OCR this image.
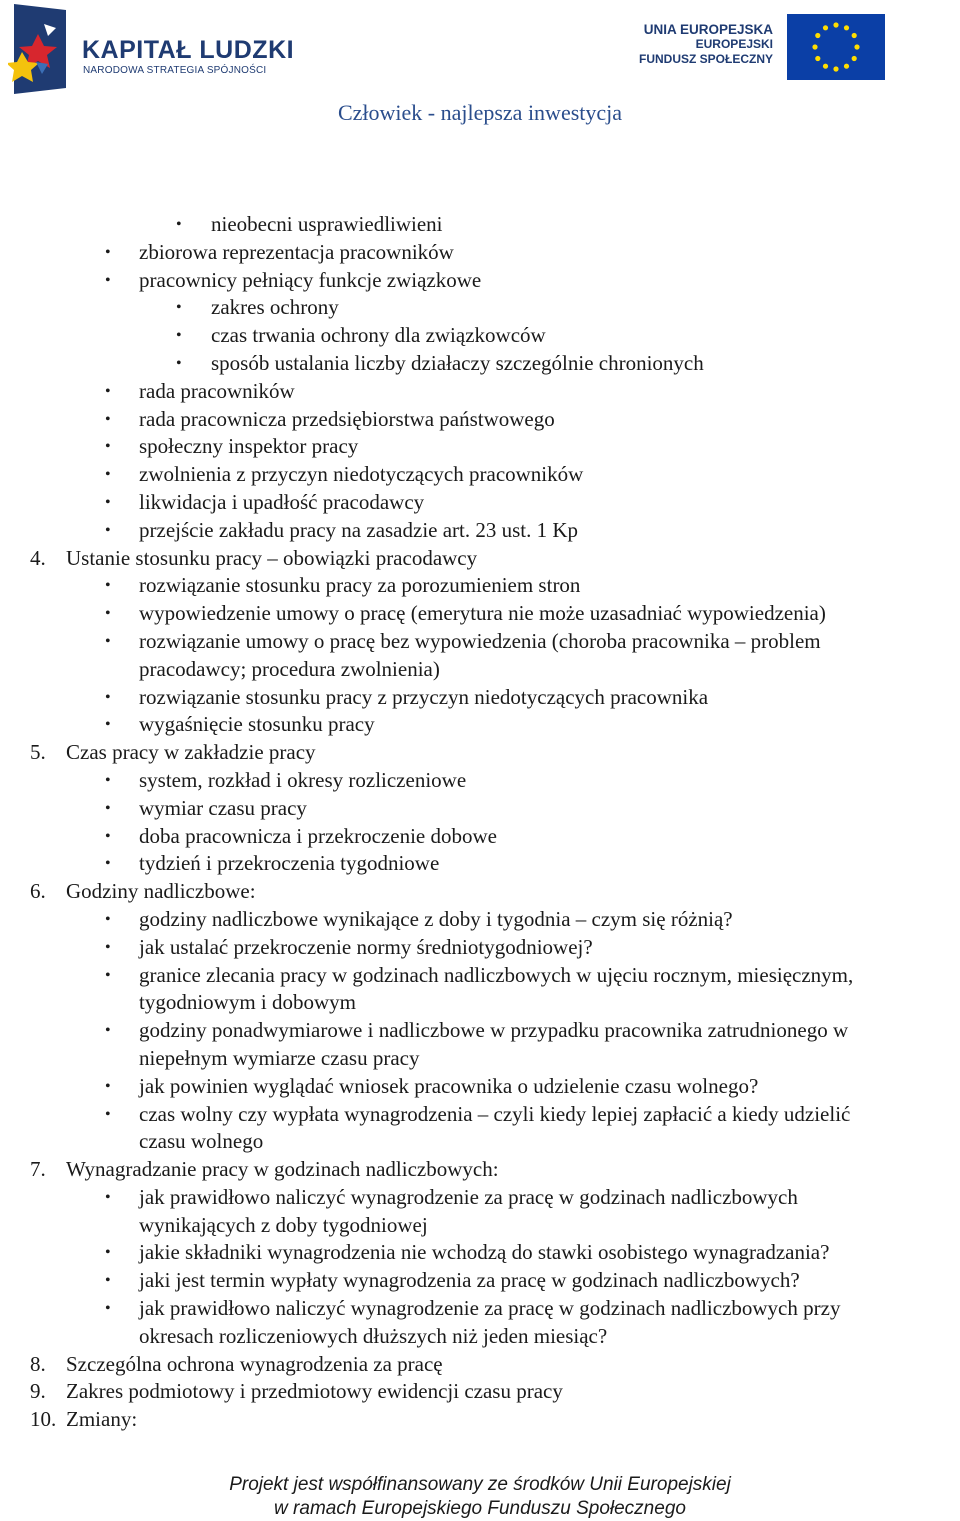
KAPITAŁ LUDZKI
NARODOWA STRATEGIA SPÓJNOŚCI
UNIA EUROPEJSKA
EUROPEJSKI
FUNDUSZ SPOŁECZNY
Człowiek - najlepsza inwestycja
• nieobecni usprawiedliwieni
• zbiorowa reprezentacja pracowników
• pracownicy pełniący funkcje związkowe
• zakres ochrony
• czas trwania ochrony dla związkowców
• sposób ustalania liczby działaczy szczególnie chronionych
• rada pracowników
• rada pracownicza przedsiębiorstwa państwowego
• społeczny inspektor pracy
• zwolnienia z przyczyn niedotyczących pracowników
• likwidacja i upadłość pracodawcy
• przejście zakładu pracy na zasadzie art. 23 ust. 1 Kp
4. Ustanie stosunku pracy – obowiązki pracodawcy
• rozwiązanie stosunku pracy za porozumieniem stron
• wypowiedzenie umowy o pracę (emerytura nie może uzasadniać wypowiedzenia)
• rozwiązanie umowy o pracę bez wypowiedzenia (choroba pracownika – problem
pracodawcy; procedura zwolnienia)
• rozwiązanie stosunku pracy z przyczyn niedotyczących pracownika
• wygaśnięcie stosunku pracy
5. Czas pracy w zakładzie pracy
• system, rozkład i okresy rozliczeniowe
• wymiar czasu pracy
• doba pracownicza i przekroczenie dobowe
• tydzień i przekroczenia tygodniowe
6. Godziny nadliczbowe:
• godziny nadliczbowe wynikające z doby i tygodnia – czym się różnią?
• jak ustalać przekroczenie normy średniotygodniowej?
• granice zlecania pracy w godzinach nadliczbowych w ujęciu rocznym, miesięcznym,
tygodniowym i dobowym
• godziny ponadwymiarowe i nadliczbowe w przypadku pracownika zatrudnionego w
niepełnym wymiarze czasu pracy
• jak powinien wyglądać wniosek pracownika o udzielenie czasu wolnego?
• czas wolny czy wypłata wynagrodzenia – czyli kiedy lepiej zapłacić a kiedy udzielić
czasu wolnego
7. Wynagradzanie pracy w godzinach nadliczbowych:
• jak prawidłowo naliczyć wynagrodzenie za pracę w godzinach nadliczbowych
wynikających z doby tygodniowej
• jakie składniki wynagrodzenia nie wchodzą do stawki osobistego wynagradzania?
• jaki jest termin wypłaty wynagrodzenia za pracę w godzinach nadliczbowych?
• jak prawidłowo naliczyć wynagrodzenie za pracę w godzinach nadliczbowych przy
okresach rozliczeniowych dłuższych niż jeden miesiąc?
8. Szczególna ochrona wynagrodzenia za pracę
9. Zakres podmiotowy i przedmiotowy ewidencji czasu pracy
10. Zmiany:
Projekt jest współfinansowany ze środków Unii Europejskiej
w ramach Europejskiego Funduszu Społecznego
